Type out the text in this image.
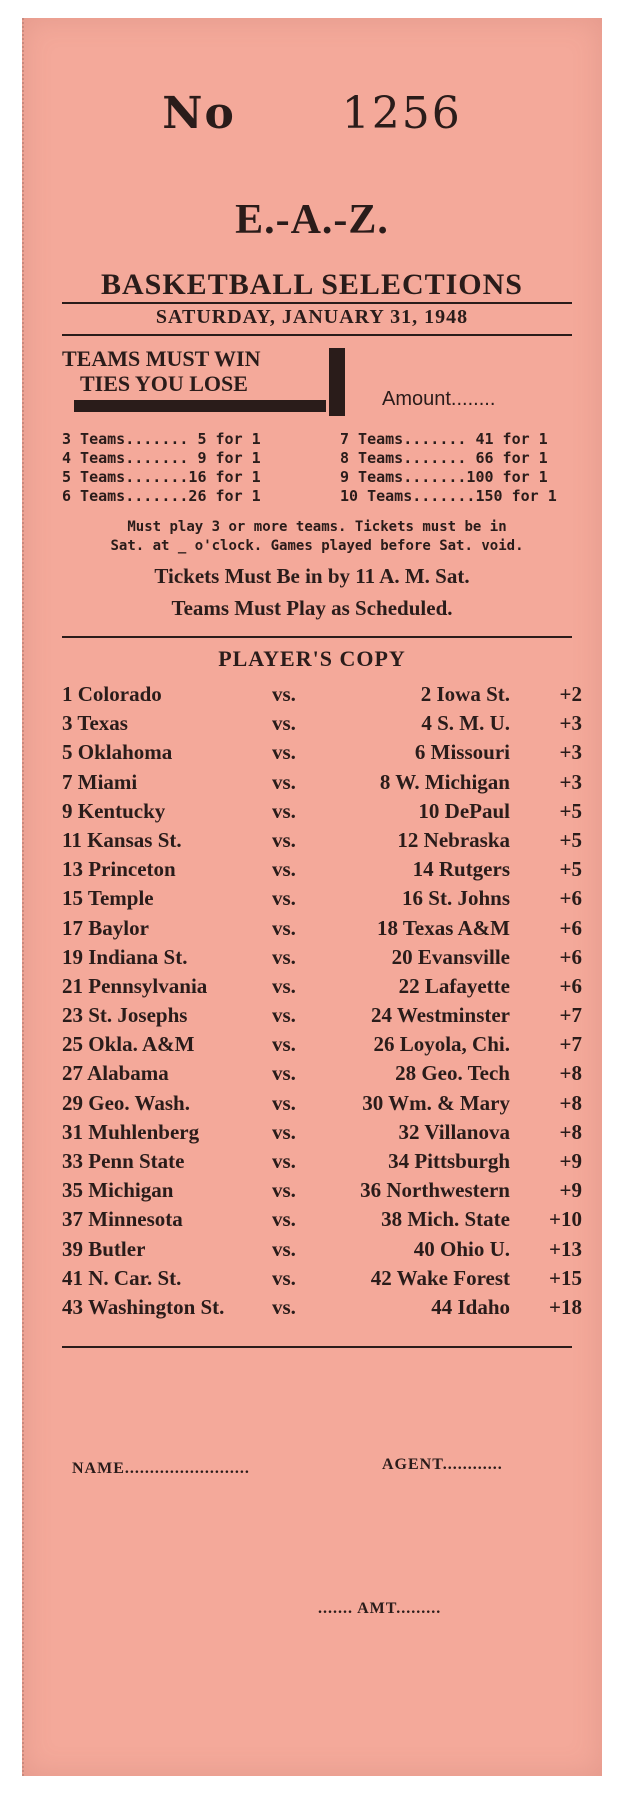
No 1256
E.-A.-Z.
BASKETBALL SELECTIONS
SATURDAY, JANUARY 31, 1948
TEAMS MUST WIN
TIES YOU LOSE
Amount........
3 Teams....... 5 for 1
4 Teams....... 9 for 1
5 Teams.......16 for 1
6 Teams.......26 for 1
7 Teams....... 41 for 1
8 Teams....... 66 for 1
9 Teams.......100 for 1
10 Teams.......150 for 1
Must play 3 or more teams. Tickets must be in
Sat. at _ o'clock. Games played before Sat. void.
Tickets Must Be in by 11 A. M. Sat.
Teams Must Play as Scheduled.
PLAYER'S COPY
1 Colorado	vs.	2 Iowa St.	+2
3 Texas	vs.	4 S. M. U.	+3
5 Oklahoma	vs.	6 Missouri	+3
7 Miami	vs.	8 W. Michigan	+3
9 Kentucky	vs.	10 DePaul	+5
11 Kansas St.	vs.	12 Nebraska	+5
13 Princeton	vs.	14 Rutgers	+5
15 Temple	vs.	16 St. Johns	+6
17 Baylor	vs.	18 Texas A&M	+6
19 Indiana St.	vs.	20 Evansville	+6
21 Pennsylvania	vs.	22 Lafayette	+6
23 St. Josephs	vs.	24 Westminster	+7
25 Okla. A&M	vs.	26 Loyola, Chi.	+7
27 Alabama	vs.	28 Geo. Tech	+8
29 Geo. Wash.	vs.	30 Wm. & Mary	+8
31 Muhlenberg	vs.	32 Villanova	+8
33 Penn State	vs.	34 Pittsburgh	+9
35 Michigan	vs.	36 Northwestern	+9
37 Minnesota	vs.	38 Mich. State	+10
39 Butler	vs.	40 Ohio U.	+13
41 N. Car. St.	vs.	42 Wake Forest	+15
43 Washington St. vs.	44 Idaho	+18
NAME.........................	AGENT............
....... AMT.........
